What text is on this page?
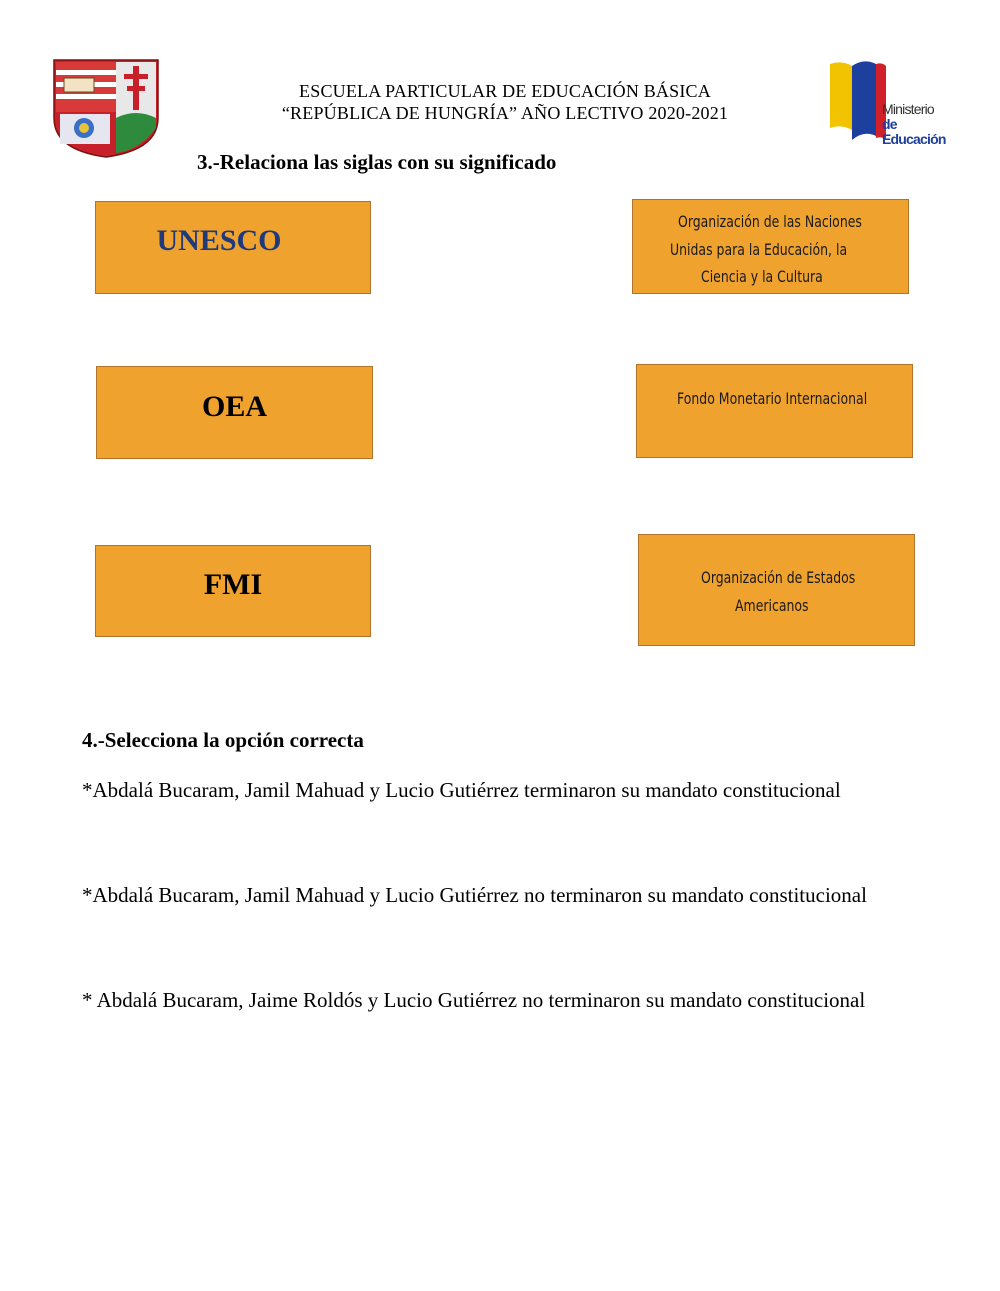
ESCUELA PARTICULAR DE EDUCACIÓN BÁSICA
“REPÚBLICA DE HUNGRÍA” AÑO LECTIVO 2020-2021	Ministerio
de Educación
3.-Relaciona las siglas con su significado
UNESCO
OEA
FMI
Organización de las Naciones
Unidas para la Educación, la
Ciencia y la Cultura
Fondo Monetario Internacional
Organización de Estados
Americanos
4.-Selecciona la opción correcta
*Abdalá Bucaram, Jamil Mahuad y Lucio Gutiérrez terminaron su mandato constitucional
*Abdalá Bucaram, Jamil Mahuad y Lucio Gutiérrez no terminaron su mandato constitucional
* Abdalá Bucaram, Jaime Roldós y Lucio Gutiérrez no terminaron su mandato constitucional
